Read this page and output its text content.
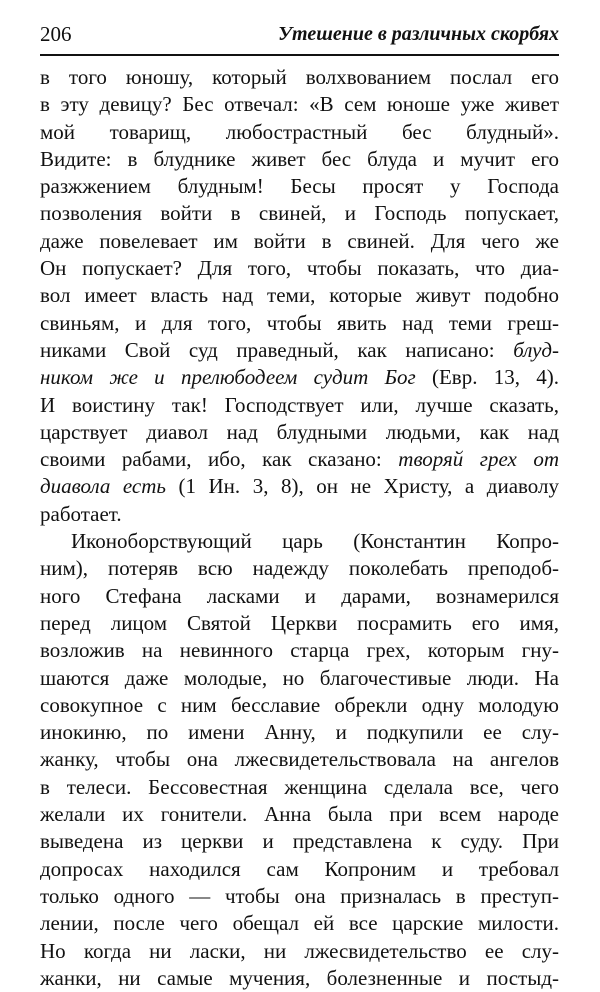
206	Утешение в различных скорбях
в того юношу, который волхвованием послал его
в эту девицу? Бес отвечал: «В сем юноше уже живет
мой товарищ, любострастный бес блудный».
Видите: в блуднике живет бес блуда и мучит его
разжжением блудным! Бесы просят у Господа
позволения войти в свиней, и Господь попускает,
даже повелевает им войти в свиней. Для чего же
Он попускает? Для того, чтобы показать, что диа-
вол имеет власть над теми, которые живут подобно
свиньям, и для того, чтобы явить над теми греш-
никами Свой суд праведный, как написано: блуд-
ником же и прелюбодеем судит Бог (Евр. 13, 4).
И воистину так! Господствует или, лучше сказать,
царствует диавол над блудными людьми, как над
своими рабами, ибо, как сказано: творяй грех от
диавола есть (1 Ин. 3, 8), он не Христу, а диаволу
работает.
Иконоборствующий царь (Константин Копро-
ним), потеряв всю надежду поколебать преподоб-
ного Стефана ласками и дарами, вознамерился
перед лицом Святой Церкви посрамить его имя,
возложив на невинного старца грех, которым гну-
шаются даже молодые, но благочестивые люди. На
совокупное с ним бесславие обрекли одну молодую
инокиню, по имени Анну, и подкупили ее слу-
жанку, чтобы она лжесвидетельствовала на ангелов
в телеси. Бессовестная женщина сделала все, чего
желали их гонители. Анна была при всем народе
выведена из церкви и представлена к суду. При
допросах находился сам Копроним и требовал
только одного — чтобы она призналась в преступ-
лении, после чего обещал ей все царские милости.
Но когда ни ласки, ни лжесвидетельство ее слу-
жанки, ни самые мучения, болезненные и постыд-
